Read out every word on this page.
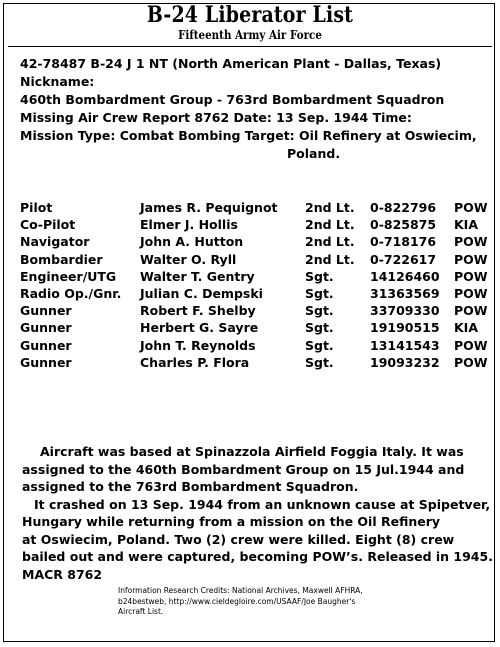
B-24 Liberator List
Fifteenth Army Air Force
42-78487 B-24 J 1 NT (North American Plant - Dallas, Texas)
Nickname:
460th Bombardment Group - 763rd Bombardment Squadron
Missing Air Crew Report 8762 Date: 13 Sep. 1944 Time:
Mission Type: Combat Bombing Target: Oil Refinery at Oswiecim,
Poland.
Pilot	James R. Pequignot 2nd Lt. 0-822796 POW
Co-Pilot	Elmer J. Hollis	2nd Lt. 0-825875 KIA
Navigator	John A. Hutton	2nd Lt. 0-718176 POW
Bombardier	Walter O. Ryll	2nd Lt. 0-722617 POW
Engineer/UTG Walter T. Gentry	Sgt.	14126460 POW
Radio Op./Gnr. Julian C. Dempski	Sgt.	31363569 POW
Gunner	Robert F. Shelby	Sgt.	33709330 POW
Gunner	Herbert G. Sayre	Sgt.	19190515 KIA
Gunner	John T. Reynolds	Sgt.	13141543 POW
Gunner	Charles P. Flora	Sgt.	19093232 POW
Aircraft was based at Spinazzola Airfield Foggia Italy. It was
assigned to the 460th Bombardment Group on 15 Jul.1944 and
assigned to the 763rd Bombardment Squadron.
It crashed on 13 Sep. 1944 from an unknown cause at Spipetver,
Hungary while returning from a mission on the Oil Refinery
at Oswiecim, Poland. Two (2) crew were killed. Eight (8) crew
bailed out and were captured, becoming POW’s. Released in 1945.
MACR 8762
Information Research Credits: National Archives, Maxwell AFHRA,
b24bestweb, http://www.cieldegloire.com/USAAF/Joe Baugher's
Aircraft List.
